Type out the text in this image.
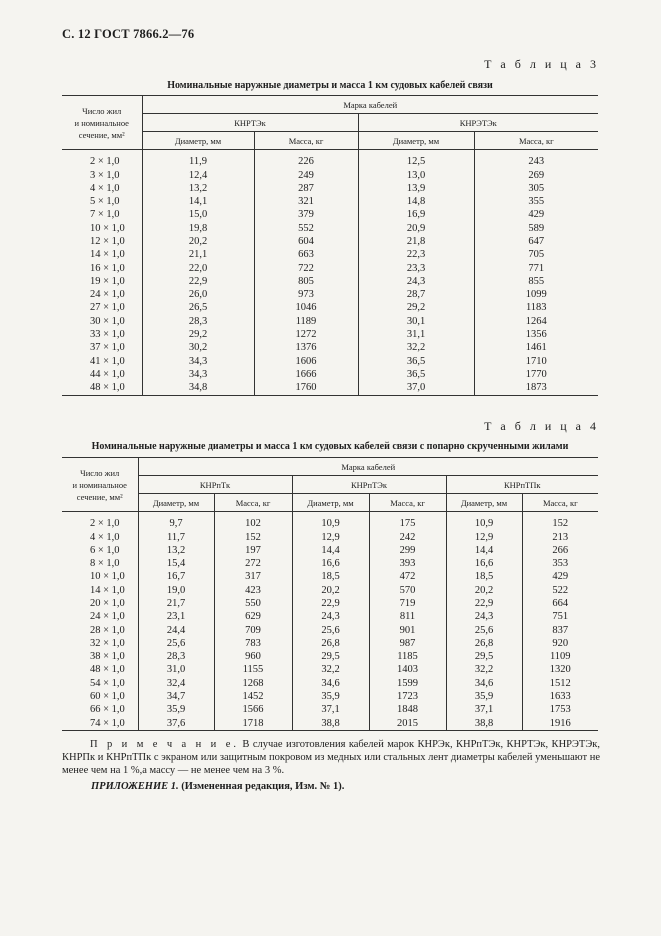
С. 12 ГОСТ 7866.2—76
Т а б л и ц а 3
Номинальные наружные диаметры и масса 1 км судовых кабелей связи
Число жил
и номинальное
сечение, мм²	Марка кабелей			
	КНРТЭк		КНРЭТЭк	
	Диаметр, мм	Масса, кг	Диаметр, мм	Масса, кг
2 × 1,0	11,9	226	12,5	243
3 × 1,0	12,4	249	13,0	269
4 × 1,0	13,2	287	13,9	305
5 × 1,0	14,1	321	14,8	355
7 × 1,0	15,0	379	16,9	429
10 × 1,0	19,8	552	20,9	589
12 × 1,0	20,2	604	21,8	647
14 × 1,0	21,1	663	22,3	705
16 × 1,0	22,0	722	23,3	771
19 × 1,0	22,9	805	24,3	855
24 × 1,0	26,0	973	28,7	1099
27 × 1,0	26,5	1046	29,2	1183
30 × 1,0	28,3	1189	30,1	1264
33 × 1,0	29,2	1272	31,1	1356
37 × 1,0	30,2	1376	32,2	1461
41 × 1,0	34,3	1606	36,5	1710
44 × 1,0	34,3	1666	36,5	1770
48 × 1,0	34,8	1760	37,0	1873
Т а б л и ц а 4
Номинальные наружные диаметры и масса 1 км судовых кабелей связи с попарно скрученными жилами
Число жил
и номинальное
сечение, мм²	Марка кабелей					
	КНРпТк		КНРпТЭк		КНРпТПк	
	Диаметр, мм	Масса, кг	Диаметр, мм	Масса, кг	Диаметр, мм	Масса, кг
2 × 1,0	9,7	102	10,9	175	10,9	152
4 × 1,0	11,7	152	12,9	242	12,9	213
6 × 1,0	13,2	197	14,4	299	14,4	266
8 × 1,0	15,4	272	16,6	393	16,6	353
10 × 1,0	16,7	317	18,5	472	18,5	429
14 × 1,0	19,0	423	20,2	570	20,2	522
20 × 1,0	21,7	550	22,9	719	22,9	664
24 × 1,0	23,1	629	24,3	811	24,3	751
28 × 1,0	24,4	709	25,6	901	25,6	837
32 × 1,0	25,6	783	26,8	987	26,8	920
38 × 1,0	28,3	960	29,5	1185	29,5	1109
48 × 1,0	31,0	1155	32,2	1403	32,2	1320
54 × 1,0	32,4	1268	34,6	1599	34,6	1512
60 × 1,0	34,7	1452	35,9	1723	35,9	1633
66 × 1,0	35,9	1566	37,1	1848	37,1	1753
74 × 1,0	37,6	1718	38,8	2015	38,8	1916
П р и м е ч а н и е. В случае изготовления кабелей марок КНРЭк, КНРпТЭк, КНРТЭк, КНРЭТЭк, КНРПк и КНРпТПк с экраном или защитным покровом из медных или стальных лент диаметры кабелей уменьшают не менее чем на 1 %,а массу — не менее чем на 3 %.
ПРИЛОЖЕНИЕ 1. (Измененная редакция, Изм. № 1).
